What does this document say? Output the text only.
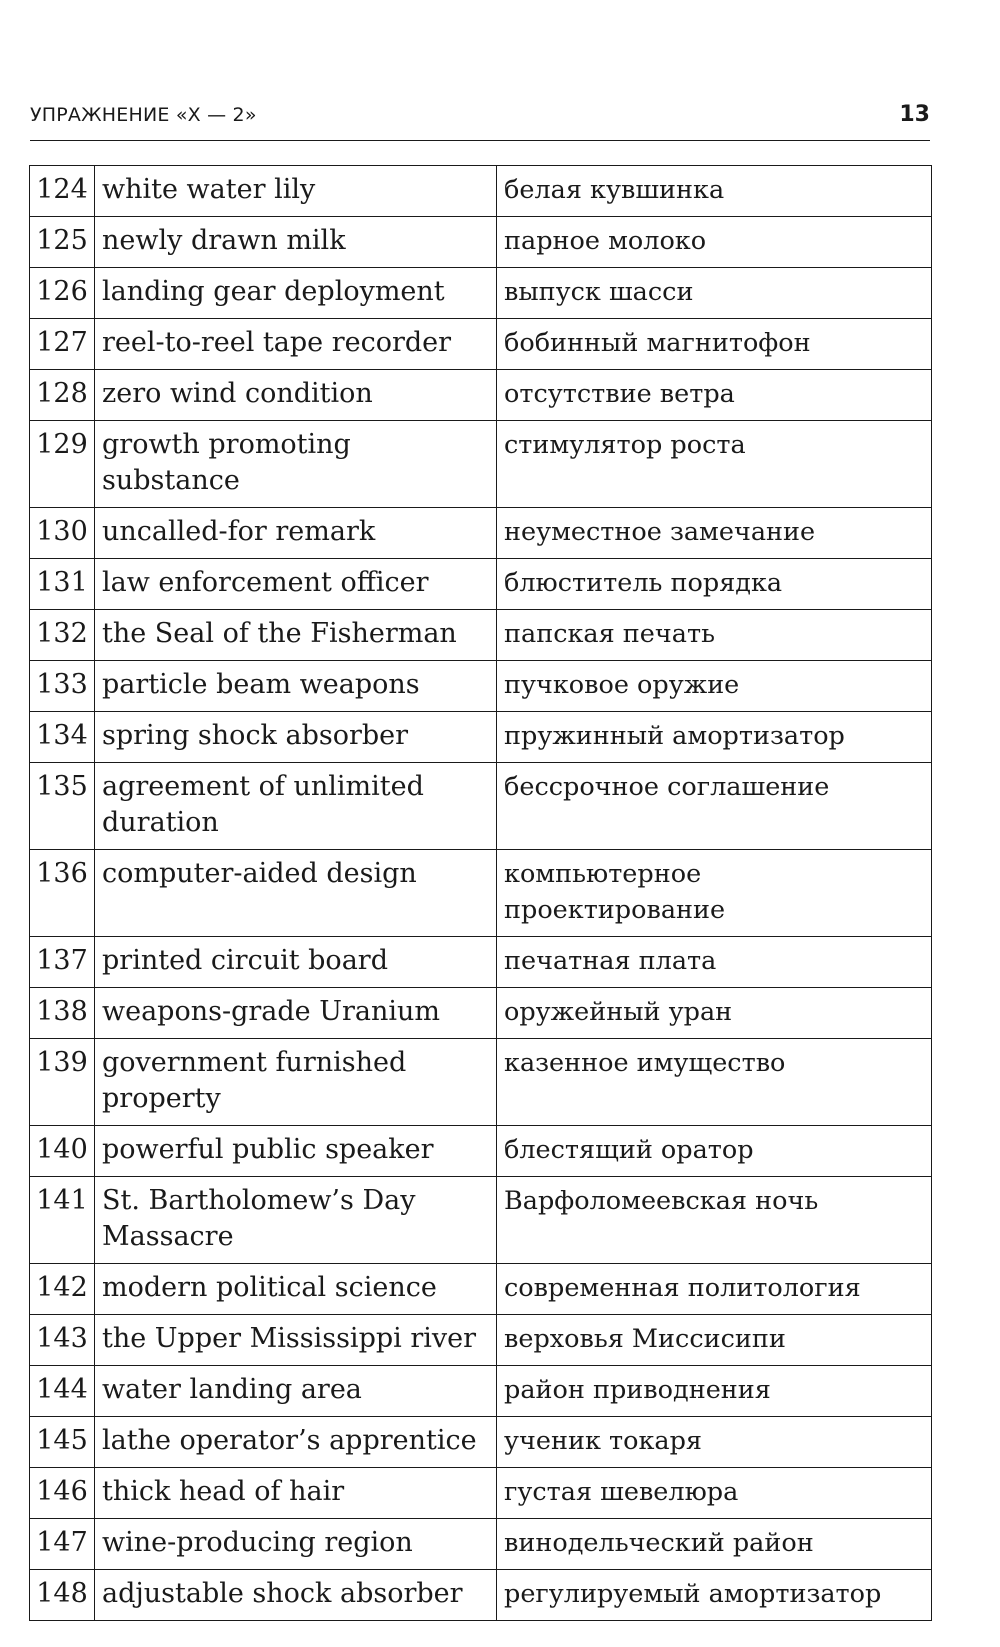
УПРАЖНЕНИЕ «Х — 2»	13
124	white water lily	белая кувшинка
125	newly drawn milk	парное молоко
126	landing gear deployment	выпуск шасси
127	reel-to-reel tape recorder	бобинный магнитофон
128	zero wind condition	отсутствие ветра
129	growth promoting substance	стимулятор роста
130	uncalled-for remark	неуместное замечание
131	law enforcement officer	блюститель порядка
132	the Seal of the Fisherman	папская печать
133	particle beam weapons	пучковое оружие
134	spring shock absorber	пружинный амортизатор
135	agreement of unlimited duration	бессрочное соглашение
136	computer-aided design	компьютерное проектирование
137	printed circuit board	печатная плата
138	weapons-grade Uranium	оружейный уран
139	government furnished property	казенное имущество
140	powerful public speaker	блестящий оратор
141	St. Bartholomew’s Day Massacre	Варфоломеевская ночь
142	modern political science	современная политология
143	the Upper Mississippi river	верховья Миссисипи
144	water landing area	район приводнения
145	lathe operator’s apprentice	ученик токаря
146	thick head of hair	густая шевелюра
147	wine-producing region	винодельческий район
148	adjustable shock absorber	регулируемый амортизатор
